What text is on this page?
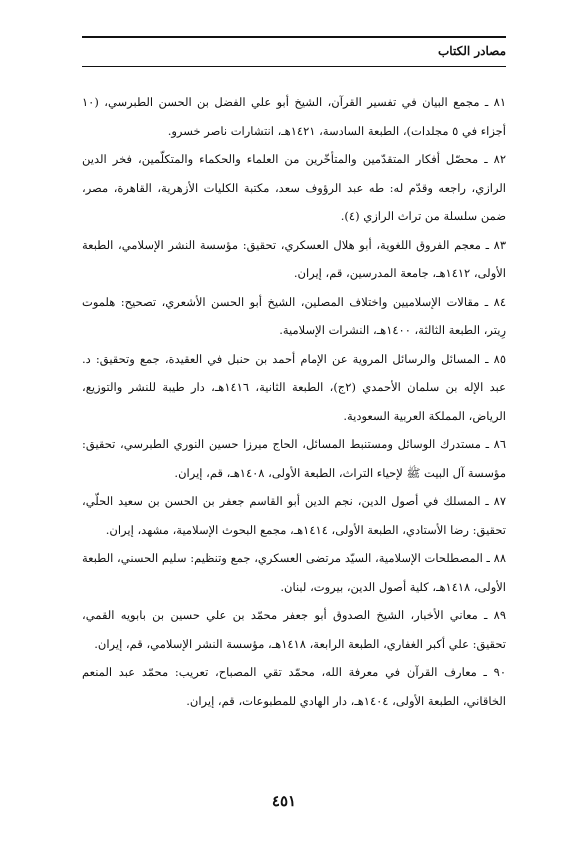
مصادر الكتاب
٨١ ـ مجمع البيان في تفسير القرآن، الشيخ أبو علي الفضل بن الحسن الطبرسي، (١٠ أجزاء في ٥ مجلدات)، الطبعة السادسة، ١٤٢١هـ، انتشارات ناصر خسرو.
٨٢ ـ محصّل أفكار المتقدّمين والمتأخّرين من العلماء والحكماء والمتكلّمين، فخر الدين الرازي، راجعه وقدّم له: طه عبد الرؤوف سعد، مكتبة الكليات الأزهرية، القاهرة، مصر، ضمن سلسلة من تراث الرازي (٤).
٨٣ ـ معجم الفروق اللغوية، أبو هلال العسكري، تحقيق: مؤسسة النشر الإسلامي، الطبعة الأولى، ١٤١٢هـ، جامعة المدرسين، قم، إيران.
٨٤ ـ مقالات الإسلاميين واختلاف المصلين، الشيخ أبو الحسن الأشعري، تصحيح: هلموت رِيتر، الطبعة الثالثة، ١٤٠٠هـ، النشرات الإسلامية.
٨٥ ـ المسائل والرسائل المروية عن الإمام أحمد بن حنبل في العقيدة، جمع وتحقيق: د. عبد الإله بن سلمان الأحمدي (٢ج)، الطبعة الثانية، ١٤١٦هـ، دار طيبة للنشر والتوزيع، الرياض، المملكة العربية السعودية.
٨٦ ـ مستدرك الوسائل ومستنبط المسائل، الحاج ميرزا حسين النوري الطبرسي، تحقيق: مؤسسة آل البيت ﷺ لإحياء التراث، الطبعة الأولى، ١٤٠٨هـ، قم، إيران.
٨٧ ـ المسلك في أصول الدين، نجم الدين أبو القاسم جعفر بن الحسن بن سعيد الحلّي، تحقيق: رضا الأستادي، الطبعة الأولى، ١٤١٤هـ، مجمع البحوث الإسلامية، مشهد، إيران.
٨٨ ـ المصطلحات الإسلامية، السيّد مرتضى العسكري، جمع وتنظيم: سليم الحسني، الطبعة الأولى، ١٤١٨هـ، كلية أصول الدين، بيروت، لبنان.
٨٩ ـ معاني الأخبار، الشيخ الصدوق أبو جعفر محمّد بن علي حسين بن بابويه القمي، تحقيق: علي أكبر الغفاري، الطبعة الرابعة، ١٤١٨هـ، مؤسسة النشر الإسلامي، قم، إيران.
٩٠ ـ معارف القرآن في معرفة الله، محمّد تقي المصباح، تعريب: محمّد عبد المنعم الخاقاني، الطبعة الأولى، ١٤٠٤هـ، دار الهادي للمطبوعات، قم، إيران.
٤٥١
